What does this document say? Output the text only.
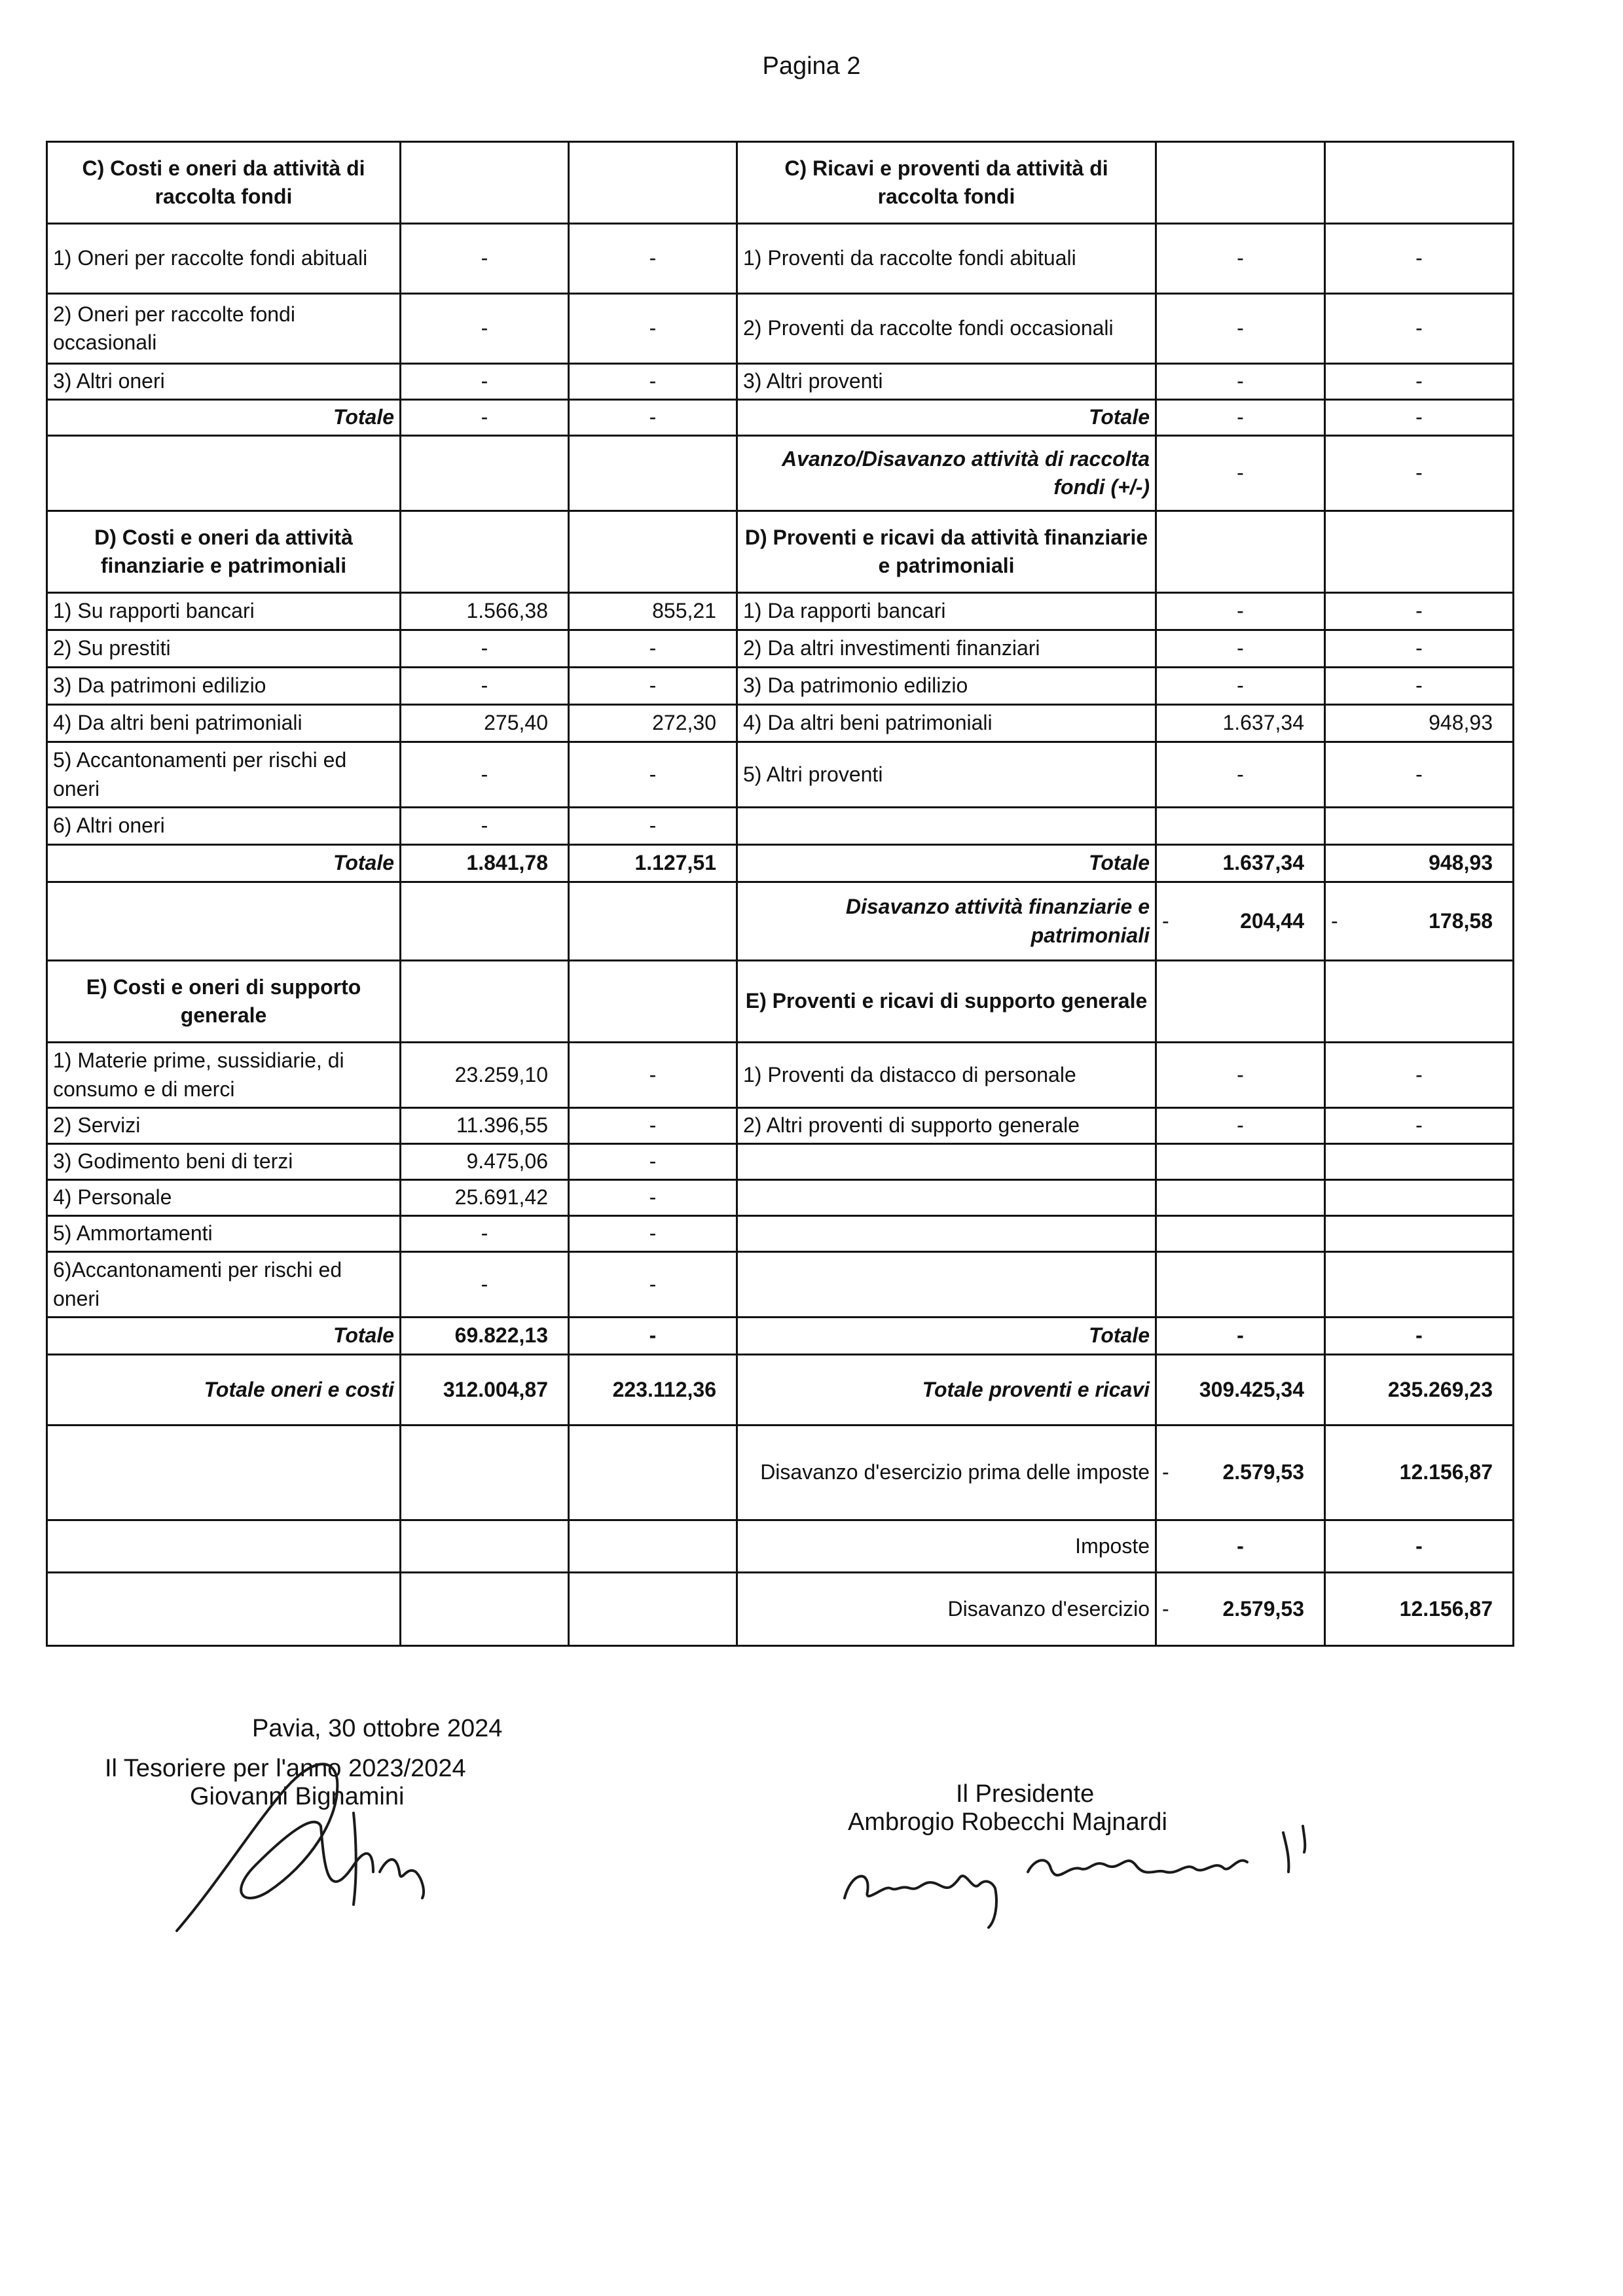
Pagina 2
C) Costi e oneri da attività di raccolta fondi			C) Ricavi e proventi da attività di raccolta fondi		
1) Oneri per raccolte fondi abituali	-	-	1) Proventi da raccolte fondi abituali	-	-
2) Oneri per raccolte fondi occasionali	-	-	2) Proventi da raccolte fondi occasionali	-	-
3) Altri oneri	-	-	3) Altri proventi	-	-
Totale	-	-	Totale	-	-
			Avanzo/Disavanzo attività di raccolta fondi (+/-)	-	-
D) Costi e oneri da attività finanziarie e patrimoniali			D) Proventi e ricavi da attività finanziarie e patrimoniali		
1) Su rapporti bancari	1.566,38	855,21	1) Da rapporti bancari	-	-
2) Su prestiti	-	-	2) Da altri investimenti finanziari	-	-
3) Da patrimoni edilizio	-	-	3) Da patrimonio edilizio	-	-
4) Da altri beni patrimoniali	275,40	272,30	4) Da altri beni patrimoniali	1.637,34	948,93
5) Accantonamenti per rischi ed oneri	-	-	5) Altri proventi	-	-
6) Altri oneri	-	-			
Totale	1.841,78	1.127,51	Totale	1.637,34	948,93
			Disavanzo attività finanziarie e patrimoniali	- 204,44	- 178,58

E) Costi e oneri di supporto generale			E) Proventi e ricavi di supporto generale		
1) Materie prime, sussidiarie, di consumo e di merci	23.259,10	-	1) Proventi da distacco di personale	-	-
2) Servizi	11.396,55	-	2) Altri proventi di supporto generale	-	-
3) Godimento beni di terzi	9.475,06	-			
4) Personale	25.691,42	-			
5) Ammortamenti	-	-			
6)Accantonamenti per rischi ed oneri	-	-			
Totale	69.822,13	-	Totale	-	-
Totale oneri e costi	312.004,87	223.112,36	Totale proventi e ricavi	309.425,34	235.269,23
			Disavanzo d'esercizio prima delle imposte	- 2.579,53	12.156,87
			Imposte	-	-
			Disavanzo d'esercizio	- 2.579,53	12.156,87
Pavia, 30 ottobre 2024
Il Tesoriere per l'anno 2023/2024
Giovanni Bignamini	Il Presidente
Ambrogio Robecchi Majnardi
